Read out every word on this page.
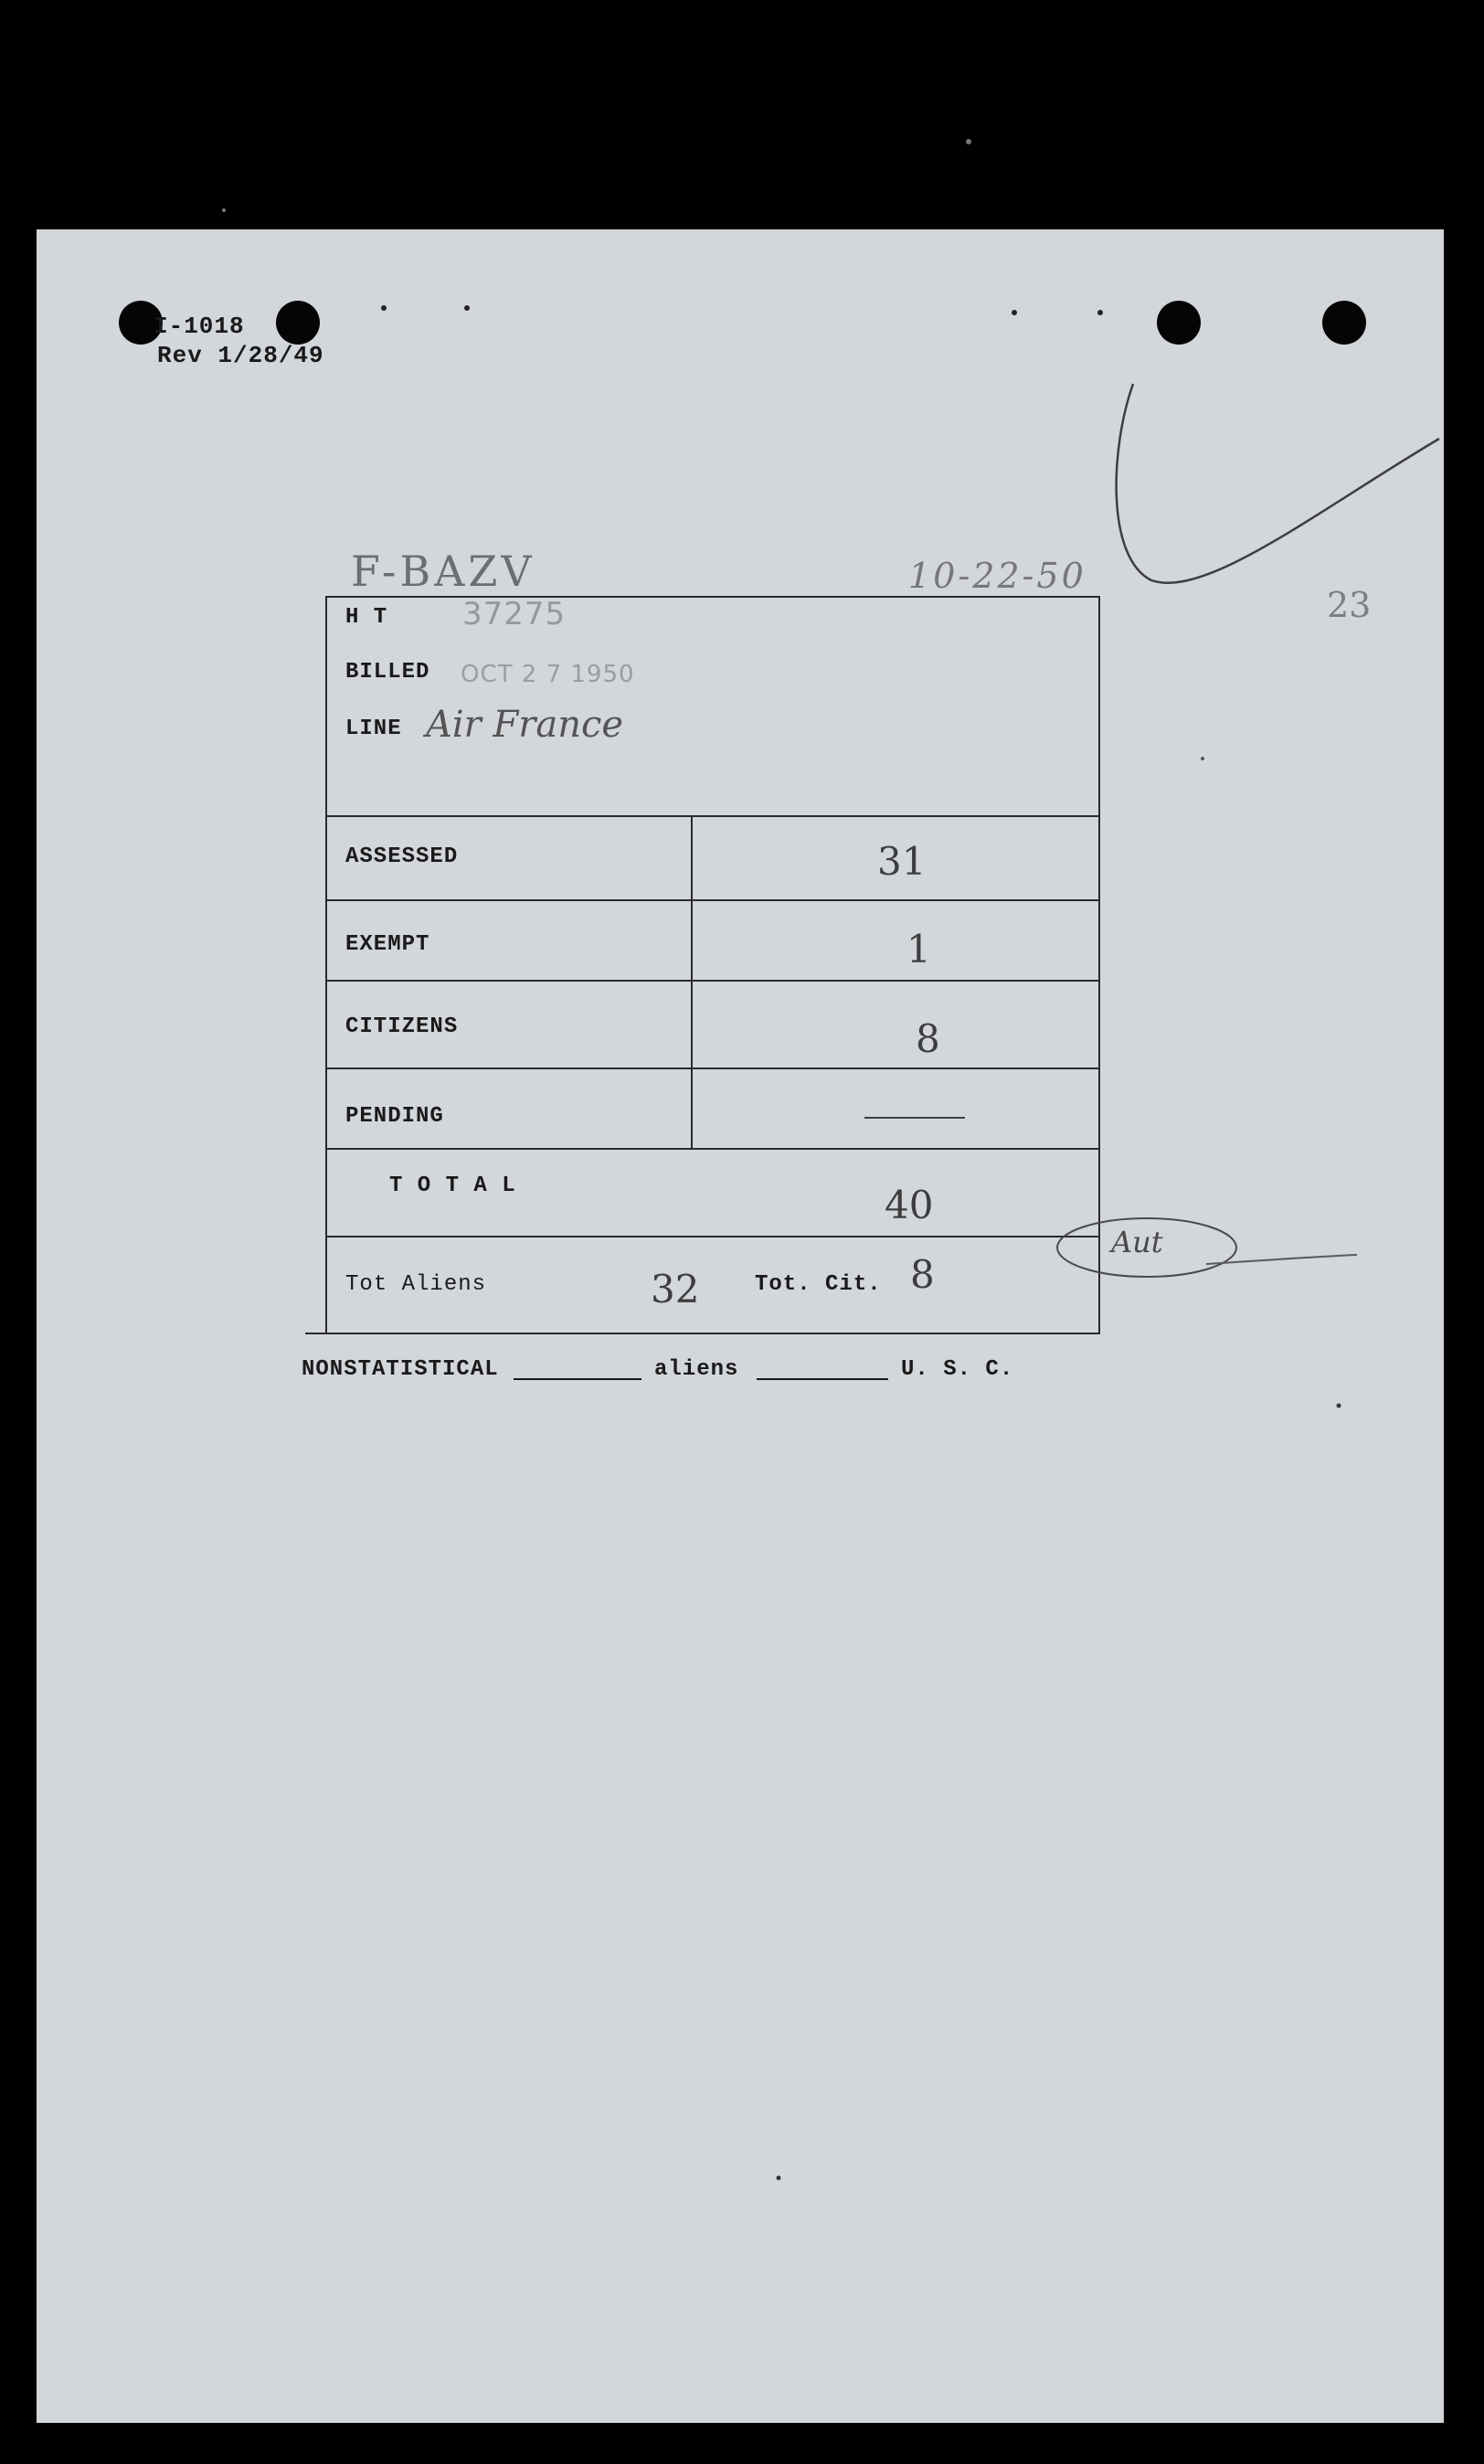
I-1018
Rev 1/28/49
F-BAZV	10-22-50
23
H T 37275
BILLED OCT 2 7 1950
LINE Air France
ASSESSED	31
EXEMPT	1
CITIZENS	8
PENDING
T O T A L	40
Tot Aliens	32	Tot. Cit. 8
Aut
NONSTATISTICAL	aliens	U. S. C.
